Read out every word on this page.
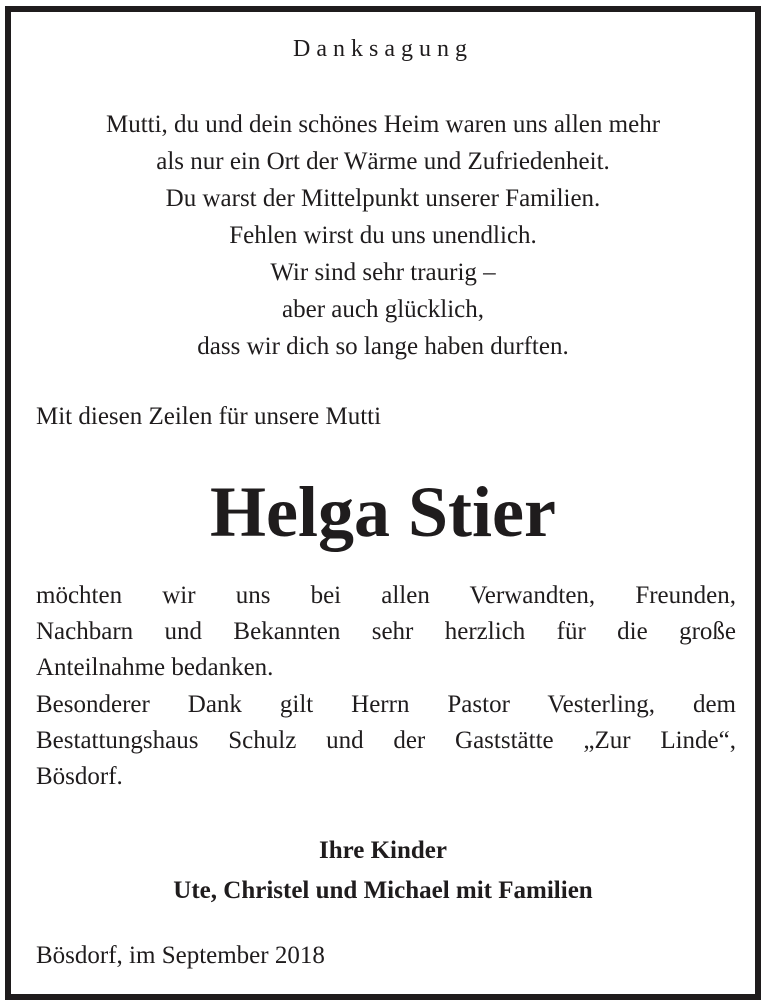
Danksagung
Mutti, du und dein schönes Heim waren uns allen mehr
als nur ein Ort der Wärme und Zufriedenheit.
Du warst der Mittelpunkt unserer Familien.
Fehlen wirst du uns unendlich.
Wir sind sehr traurig –
aber auch glücklich,
dass wir dich so lange haben durften.
Mit diesen Zeilen für unsere Mutti
Helga Stier
möchten wir uns bei allen Verwandten, Freunden,
Nachbarn und Bekannten sehr herzlich für die große
Anteilnahme bedanken.
Besonderer Dank gilt Herrn Pastor Vesterling, dem
Bestattungshaus Schulz und der Gaststätte „Zur Linde“,
Bösdorf.
Ihre Kinder
Ute, Christel und Michael mit Familien
Bösdorf, im September 2018
